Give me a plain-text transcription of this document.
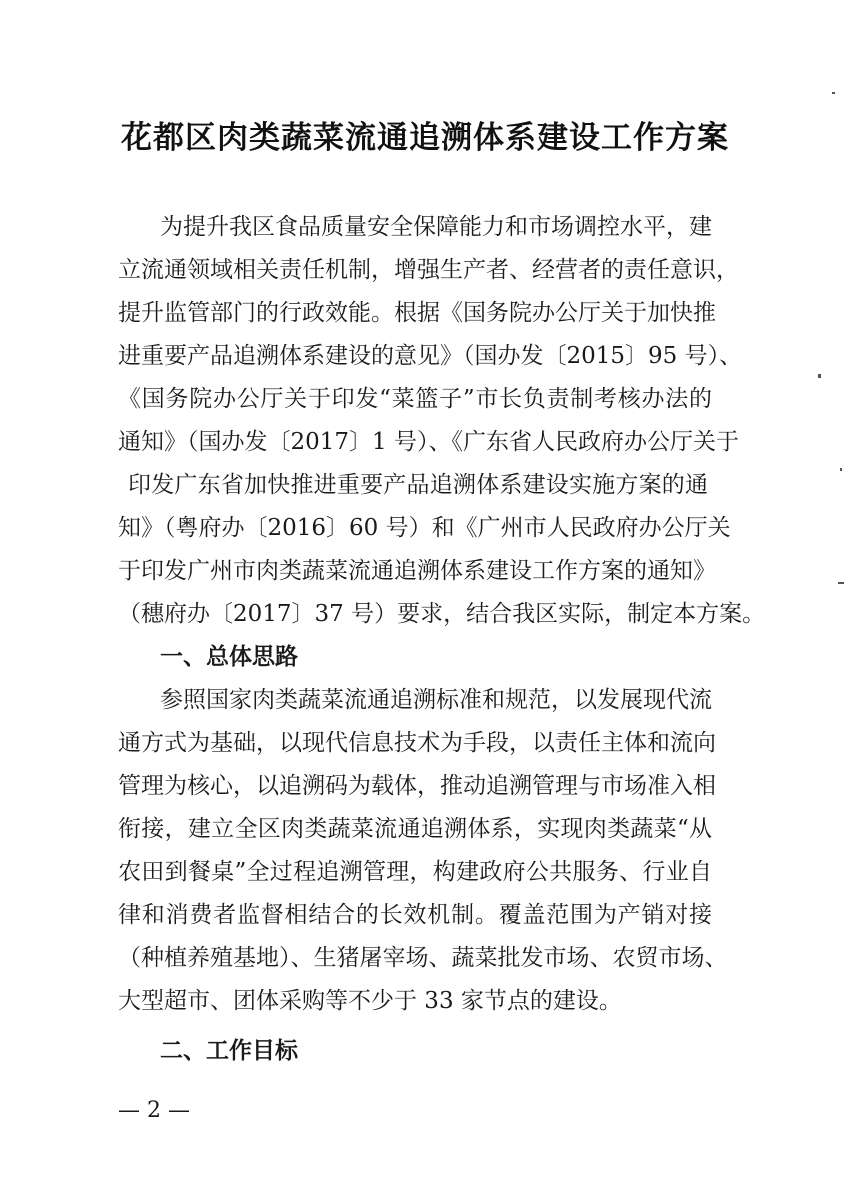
花都区肉类蔬菜流通追溯体系建设工作方案
为提升我区食品质量安全保障能力和市场调控水平，建
立流通领域相关责任机制，增强生产者、经营者的责任意识，
提升监管部门的行政效能。根据《国务院办公厅关于加快推
进重要产品追溯体系建设的意见》（国办发〔2015〕95 号）、
《国务院办公厅关于印发“菜篮子”市长负责制考核办法的
通知》（国办发〔2017〕1 号）、《广东省人民政府办公厅关于
印发广东省加快推进重要产品追溯体系建设实施方案的通
知》（粤府办〔2016〕60 号）和《广州市人民政府办公厅关
于印发广州市肉类蔬菜流通追溯体系建设工作方案的通知》
（穗府办〔2017〕37 号）要求，结合我区实际，制定本方案。
一、总体思路
参照国家肉类蔬菜流通追溯标准和规范，以发展现代流
通方式为基础，以现代信息技术为手段，以责任主体和流向
管理为核心，以追溯码为载体，推动追溯管理与市场准入相
衔接，建立全区肉类蔬菜流通追溯体系，实现肉类蔬菜“从
农田到餐桌”全过程追溯管理，构建政府公共服务、行业自
律和消费者监督相结合的长效机制。覆盖范围为产销对接
（种植养殖基地）、生猪屠宰场、蔬菜批发市场、农贸市场、
大型超市、团体采购等不少于 33 家节点的建设。
二、工作目标
— 2 —
